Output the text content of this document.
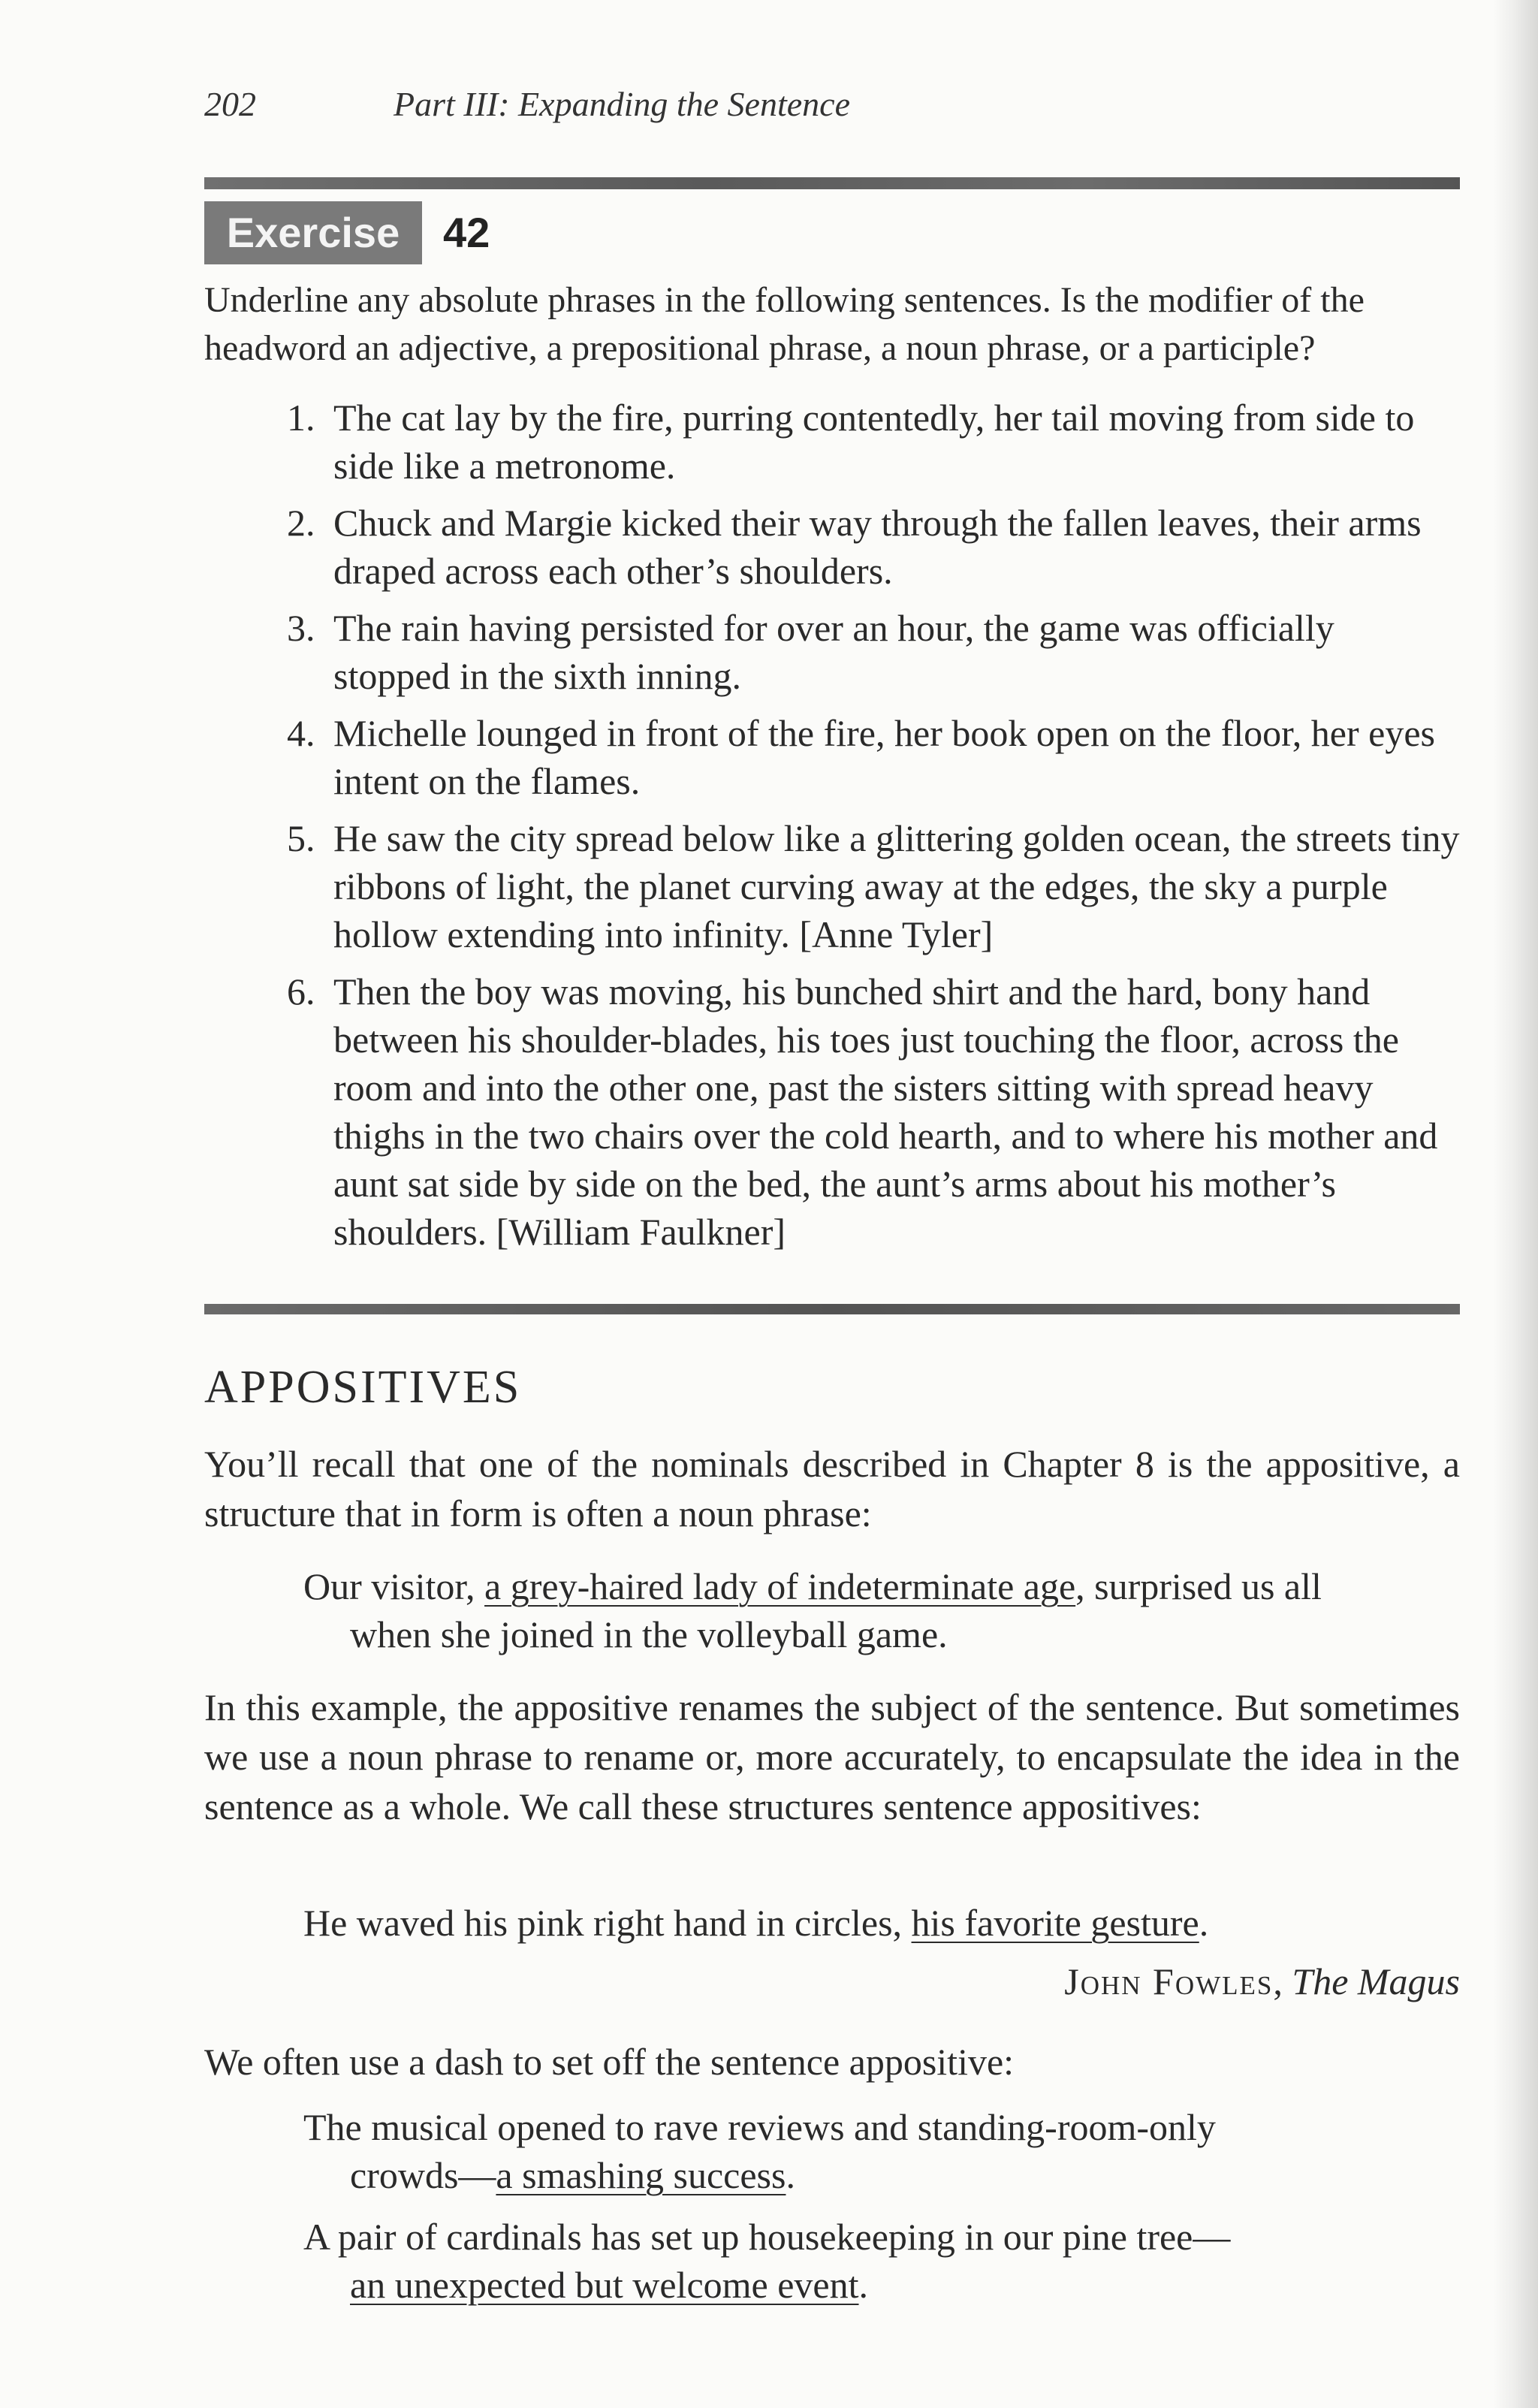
202	Part III: Expanding the Sentence
Exercise	42
Underline any absolute phrases in the following sentences. Is the modifier of the headword an adjective, a prepositional phrase, a noun phrase, or a participle?
1. The cat lay by the fire, purring contentedly, her tail moving from side to side like a metronome.
2. Chuck and Margie kicked their way through the fallen leaves, their arms draped across each other’s shoulders.
3. The rain having persisted for over an hour, the game was officially stopped in the sixth inning.
4. Michelle lounged in front of the fire, her book open on the floor, her eyes intent on the flames.
5. He saw the city spread below like a glittering golden ocean, the streets tiny ribbons of light, the planet curving away at the edges, the sky a purple hollow extending into infinity. [Anne Tyler]
6. Then the boy was moving, his bunched shirt and the hard, bony hand between his shoulder-blades, his toes just touching the floor, across the room and into the other one, past the sisters sitting with spread heavy thighs in the two chairs over the cold hearth, and to where his mother and aunt sat side by side on the bed, the aunt’s arms about his mother’s shoulders. [William Faulkner]
APPOSITIVES
You’ll recall that one of the nominals described in Chapter 8 is the appositive, a structure that in form is often a noun phrase:
Our visitor, a grey-haired lady of indeterminate age, surprised us all
when she joined in the volleyball game.
In this example, the appositive renames the subject of the sentence. But sometimes we use a noun phrase to rename or, more accurately, to encapsulate the idea in the sentence as a whole. We call these structures sentence appositives:
He waved his pink right hand in circles, his favorite gesture.
John Fowles, The Magus
We often use a dash to set off the sentence appositive:
The musical opened to rave reviews and standing-room-only
crowds—a smashing success.
A pair of cardinals has set up housekeeping in our pine tree—
an unexpected but welcome event.
